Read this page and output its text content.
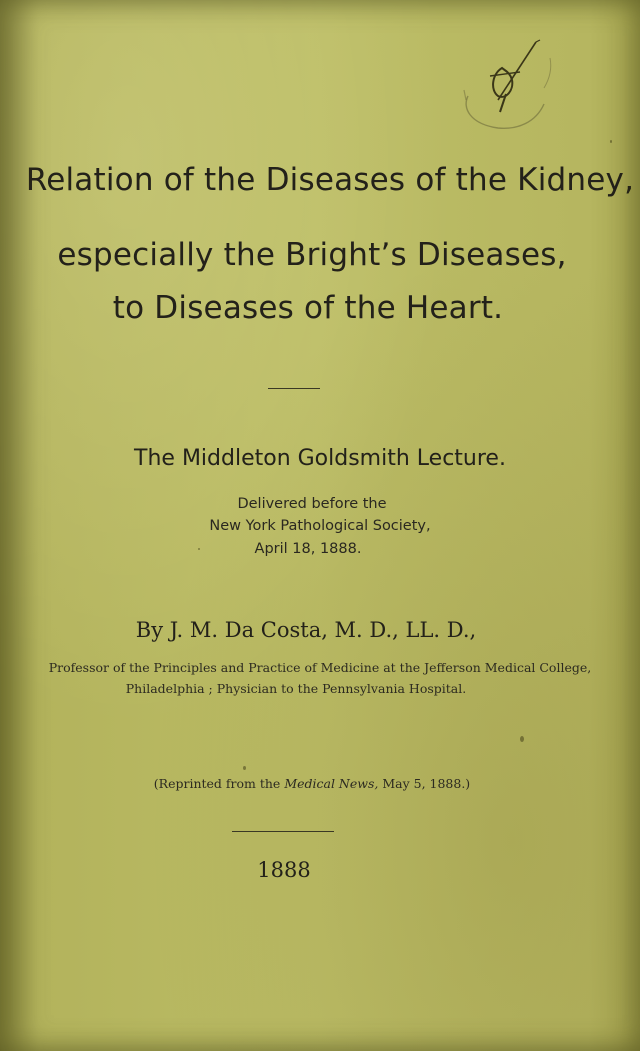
Relation of the Diseases of the Kidney,
especially the Bright’s Diseases,
to Diseases of the Heart.
The Middleton Goldsmith Lecture.
Delivered before the
New York Pathological Society,
April 18, 1888.
By J. M. Da Costa, M. D., LL. D.,
Professor of the Principles and Practice of Medicine at the Jefferson Medical College,
Philadelphia ; Physician to the Pennsylvania Hospital.
(Reprinted from the Medical News, May 5, 1888.)
1888
